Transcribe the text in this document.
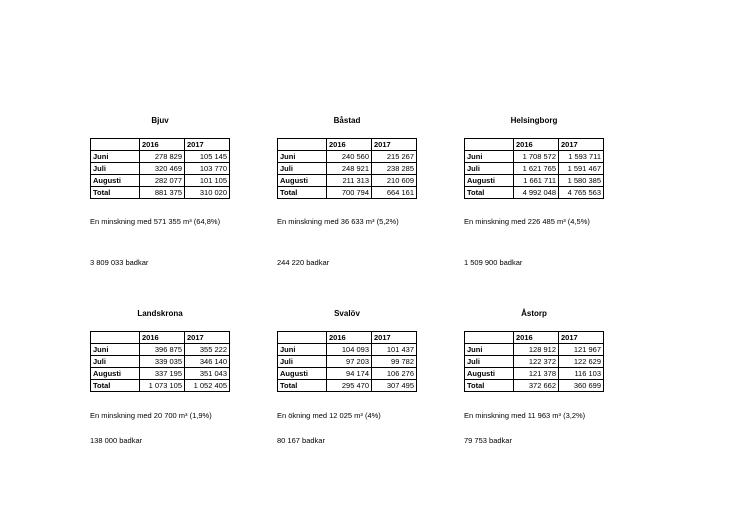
Bjuv
	2016	2017
Juni	278 829	105 145
Juli	320 469	103 770
Augusti	282 077	101 105
Total	881 375	310 020
En minskning med 571 355 m³ (64,8%)
3 809 033 badkar
Båstad
	2016	2017
Juni	240 560	215 267
Juli	248 921	238 285
Augusti	211 313	210 609
Total	700 794	664 161
En minskning med 36 633 m³ (5,2%)
244 220 badkar
Helsingborg
	2016	2017
Juni	1 708 572	1 593 711
Juli	1 621 765	1 591 467
Augusti	1 661 711	1 580 385
Total	4 992 048	4 765 563
En minskning med 226 485 m³ (4,5%)
1 509 900 badkar
Landskrona
	2016	2017
Juni	396 875	355 222
Juli	339 035	346 140
Augusti	337 195	351 043
Total	1 073 105	1 052 405
En minskning med 20 700 m³ (1,9%)
138 000 badkar
Svalöv
	2016	2017
Juni	104 093	101 437
Juli	97 203	99 782
Augusti	94 174	106 276
Total	295 470	307 495
En ökning med 12 025 m³ (4%)
80 167 badkar
Åstorp
	2016	2017
Juni	128 912	121 967
Juli	122 372	122 629
Augusti	121 378	116 103
Total	372 662	360 699
En minskning med 11 963 m³ (3,2%)
79 753 badkar
